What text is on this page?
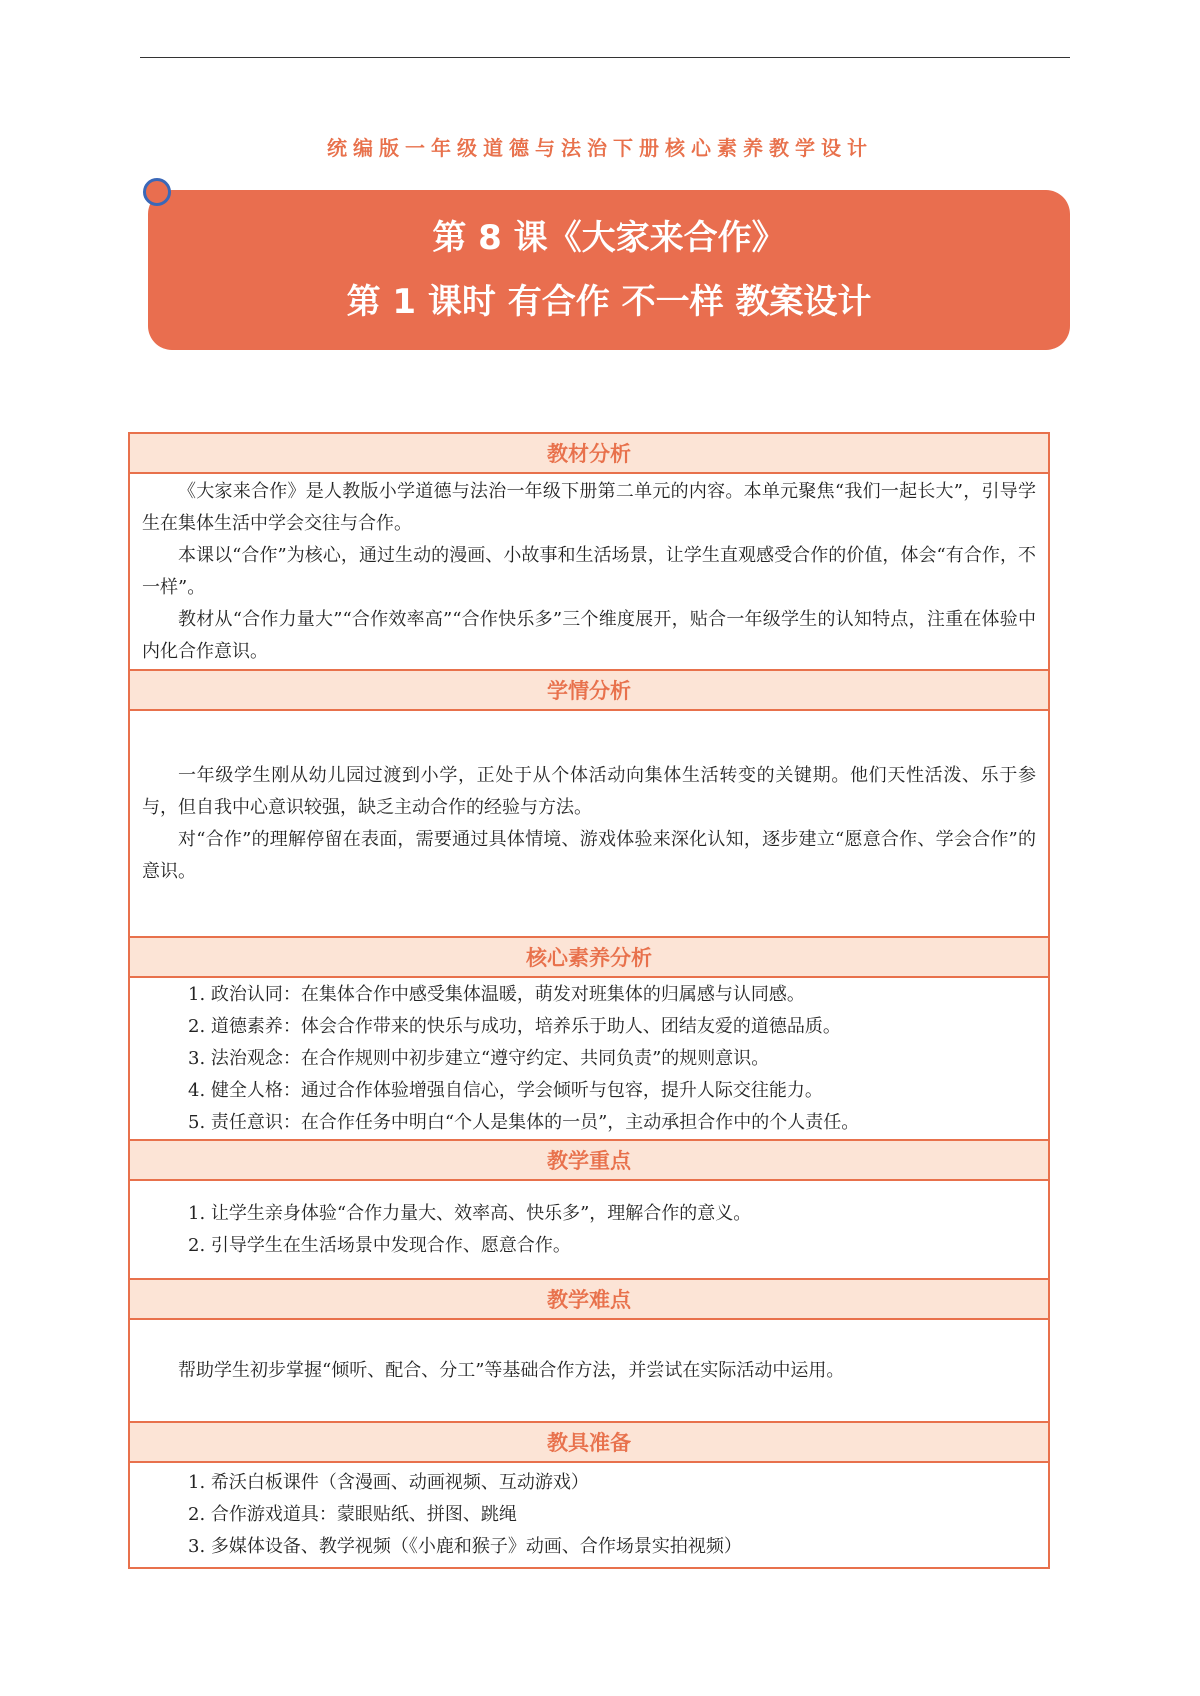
统编版一年级道德与法治下册核心素养教学设计
第 8 课《大家来合作》
第 1 课时 有合作 不一样 教案设计
教材分析

《大家来合作》是人教版小学道德与法治一年级下册第二单元的内容。本单元聚焦“我们一起长大”，引导学生在集体生活中学会交往与合作。

本课以“合作”为核心，通过生动的漫画、小故事和生活场景，让学生直观感受合作的价值，体会“有合作，不一样”。

教材从“合作力量大”“合作效率高”“合作快乐多”三个维度展开，贴合一年级学生的认知特点，注重在体验中内化合作意识。

学情分析

一年级学生刚从幼儿园过渡到小学，正处于从个体活动向集体生活转变的关键期。他们天性活泼、乐于参与，但自我中心意识较强，缺乏主动合作的经验与方法。

对“合作”的理解停留在表面，需要通过具体情境、游戏体验来深化认知，逐步建立“愿意合作、学会合作”的意识。

核心素养分析

1. 政治认同：在集体合作中感受集体温暖，萌发对班集体的归属感与认同感。

2. 道德素养：体会合作带来的快乐与成功，培养乐于助人、团结友爱的道德品质。

3. 法治观念：在合作规则中初步建立“遵守约定、共同负责”的规则意识。

4. 健全人格：通过合作体验增强自信心，学会倾听与包容，提升人际交往能力。

5. 责任意识：在合作任务中明白“个人是集体的一员”，主动承担合作中的个人责任。

教学重点

1. 让学生亲身体验“合作力量大、效率高、快乐多”，理解合作的意义。

2. 引导学生在生活场景中发现合作、愿意合作。

教学难点

帮助学生初步掌握“倾听、配合、分工”等基础合作方法，并尝试在实际活动中运用。

教具准备

1. 希沃白板课件（含漫画、动画视频、互动游戏）

2. 合作游戏道具：蒙眼贴纸、拼图、跳绳

3. 多媒体设备、教学视频（《小鹿和猴子》动画、合作场景实拍视频）
